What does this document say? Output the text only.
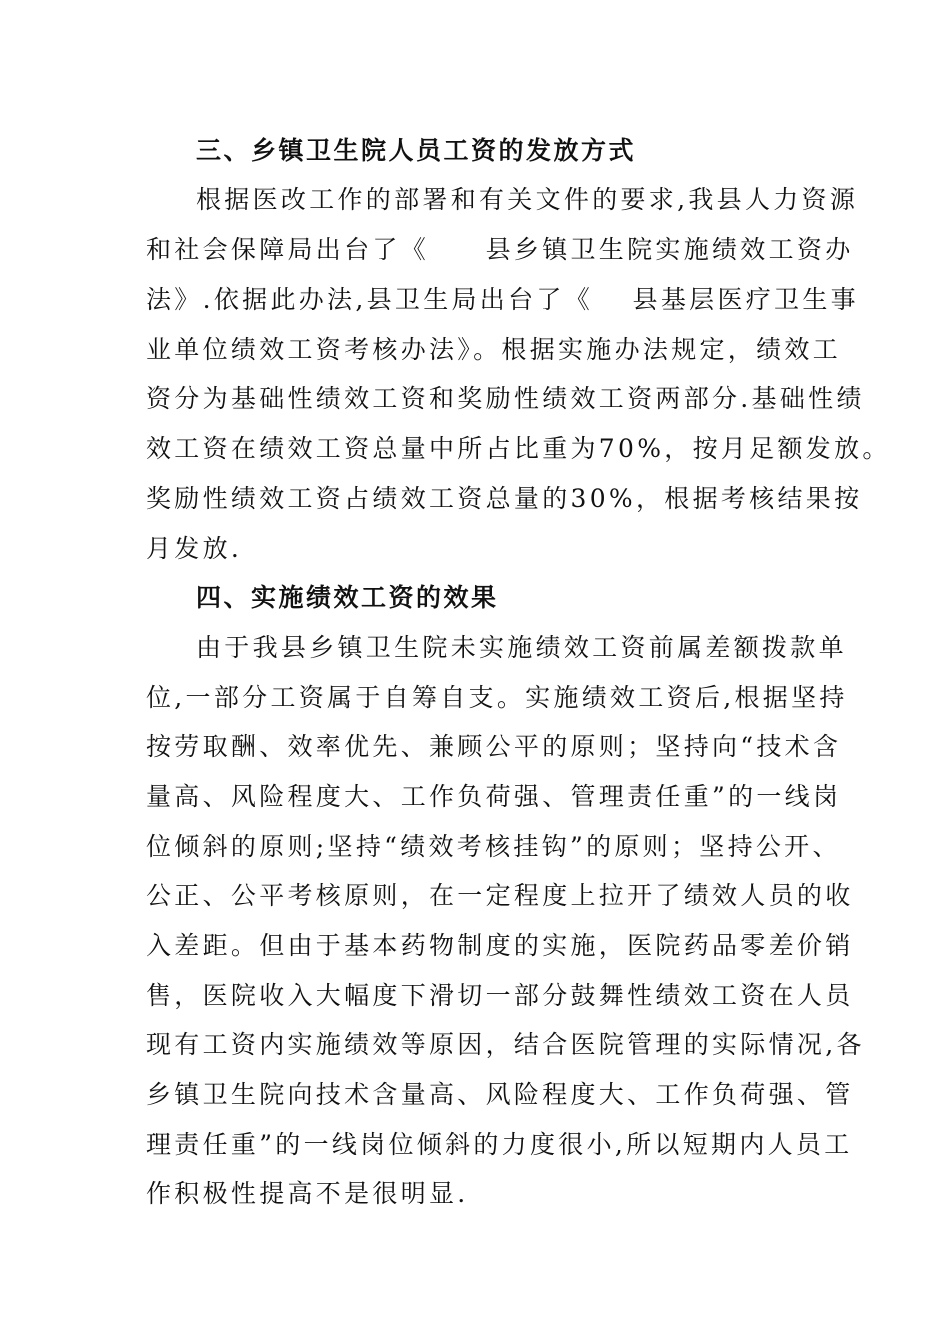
三、乡镇卫生院人员工资的发放方式
根据医改工作的部署和有关文件的要求,我县人力资源
和社会保障局出台了《　　县乡镇卫生院实施绩效工资办
法》.依据此办法,县卫生局出台了《　 县基层医疗卫生事
业单位绩效工资考核办法》。根据实施办法规定，绩效工
资分为基础性绩效工资和奖励性绩效工资两部分.基础性绩
效工资在绩效工资总量中所占比重为70%，按月足额发放。
奖励性绩效工资占绩效工资总量的30%，根据考核结果按
月发放.
四、实施绩效工资的效果
由于我县乡镇卫生院未实施绩效工资前属差额拨款单
位,一部分工资属于自筹自支。实施绩效工资后,根据坚持
按劳取酬、效率优先、兼顾公平的原则；坚持向“技术含
量高、风险程度大、工作负荷强、管理责任重”的一线岗
位倾斜的原则;坚持“绩效考核挂钩”的原则；坚持公开、
公正、公平考核原则，在一定程度上拉开了绩效人员的收
入差距。但由于基本药物制度的实施，医院药品零差价销
售，医院收入大幅度下滑切一部分鼓舞性绩效工资在人员
现有工资内实施绩效等原因，结合医院管理的实际情况,各
乡镇卫生院向技术含量高、风险程度大、工作负荷强、管
理责任重”的一线岗位倾斜的力度很小,所以短期内人员工
作积极性提高不是很明显.
